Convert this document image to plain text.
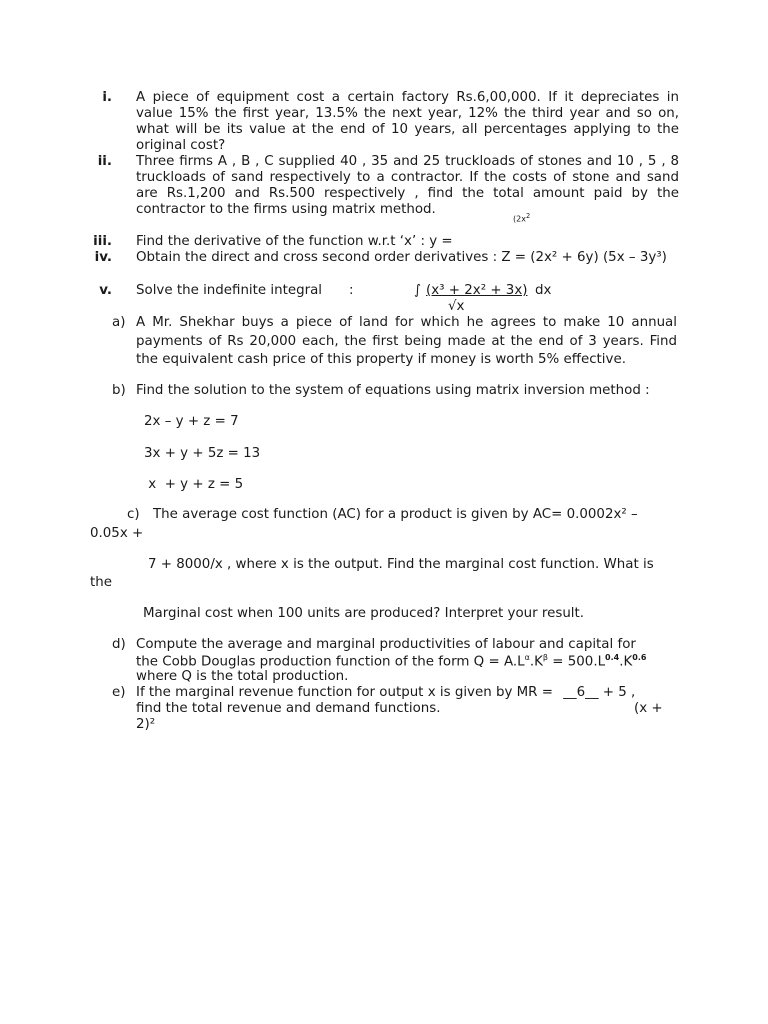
i. A piece of equipment cost a certain factory Rs.6,00,000. If it depreciates in value 15% the first year, 13.5% the next year, 12% the third year and so on, what will be its value at the end of 10 years, all percentages applying to the original cost?
ii. Three firms A , B , C supplied 40 , 35 and 25 truckloads of stones and 10 , 5 , 8 truckloads of sand respectively to a contractor. If the costs of stone and sand are Rs.1,200 and Rs.500 respectively , find the total amount paid by the contractor to the firms using matrix method.
($2x^2$
iii. Find the derivative of the function w.r.t ‘x’ : y =
iv. Obtain the direct and cross second order derivatives : Z = (2x² + 6y) (5x – 3y³)
v. Solve the indefinite integral	:	∫ (x³ + 2x² + 3x) dx
√x
a) A Mr. Shekhar buys a piece of land for which he agrees to make 10 annual payments of Rs 20,000 each, the first being made at the end of 3 years. Find the equivalent cash price of this property if money is worth 5% effective.
b) Find the solution to the system of equations using matrix inversion method :
2x – y + z = 7
3x + y + 5z = 13
x  + y + z = 5
c) The average cost function (AC) for a product is given by AC= 0.0002x² –
0.05x +
7 + 8000/x , where x is the output. Find the marginal cost function. What is
the
Marginal cost when 100 units are produced? Interpret your result.
d) Compute the average and marginal productivities of labour and capital for
the Cobb Douglas production function of the form $Q = A.L^\alpha.K^\beta = 500.L^{0.4}.K^{0.6}$
where Q is the total production.
e) If the marginal revenue function for output x is given by MR = __6__ + 5 ,
find the total revenue and demand functions.	(x +
2)²
